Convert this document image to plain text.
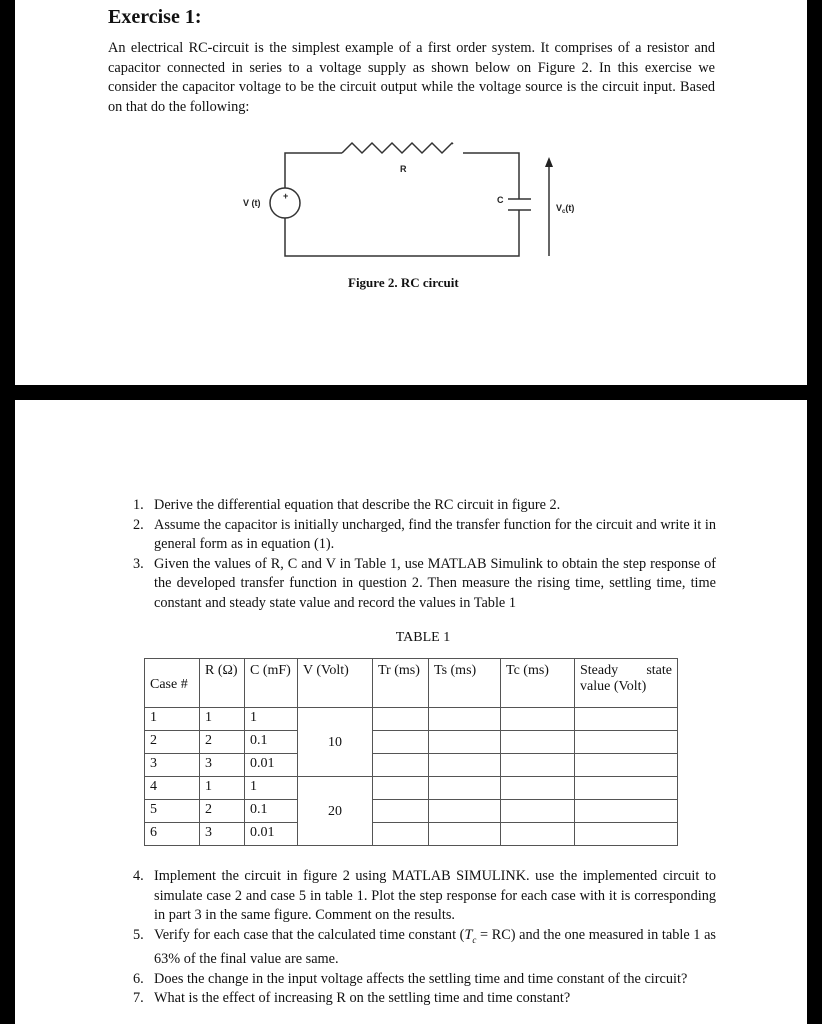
Exercise 1:
An electrical RC-circuit is the simplest example of a first order system. It comprises of a resistor and capacitor connected in series to a voltage supply as shown below on Figure 2. In this exercise we consider the capacitor voltage to be the circuit output while the voltage source is the circuit input. Based on that do the following:
V (t)
+
R
C
$V_c(t)$
Figure 2. RC circuit
1. Derive the differential equation that describe the RC circuit in figure 2.
2. Assume the capacitor is initially uncharged, find the transfer function for the circuit and write it in general form as in equation (1).
3. Given the values of R, C and V in Table 1, use MATLAB Simulink to obtain the step response of the developed transfer function in question 2. Then measure the rising time, settling time, time constant and steady state value and record the values in Table 1
TABLE 1
Case #	R (Ω)	C (mF)	V (Volt)	Tr (ms)	Ts (ms)	Tc (ms)	Steady state value (Volt)
1	1	1	10				
2	2	0.1					
3	3	0.01					
4	1	1	20				
5	2	0.1					
6	3	0.01					
4. Implement the circuit in figure 2 using MATLAB SIMULINK. use the implemented circuit to simulate case 2 and case 5 in table 1. Plot the step response for each case with it is corresponding in part 3 in the same figure. Comment on the results.
5. Verify for each case that the calculated time constant $(T_c = RC)$ and the one measured in table 1 as 63% of the final value are same.
6. Does the change in the input voltage affects the settling time and time constant of the circuit?
7. What is the effect of increasing R on the settling time and time constant?
